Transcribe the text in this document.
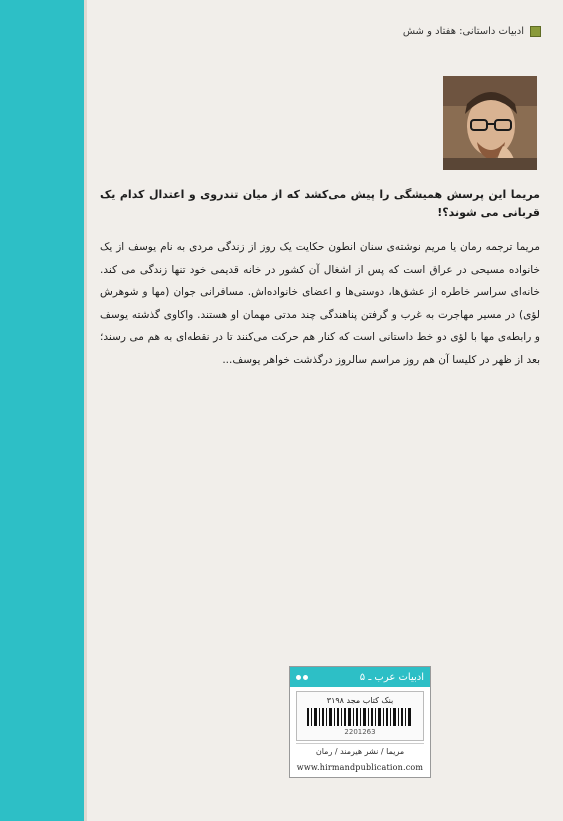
ادبیات داستانی: هفتاد و شش
مریما این پرسش همیشگی را پیش می‌کشد که از میان تندروی و اعتدال کدام یک قربانی می شوند؟!
مریما ترجمه رمان یا مریم نوشته‌ی سنان انطون حکایت یک روز از زندگی مردی به نام یوسف از یک خانواده مسیحی در عراق است که پس از اشغال آن کشور در خانه قدیمی خود تنها زندگی می کند. خانه‌ای سراسر خاطره از عشق‌ها، دوستی‌ها و اعضای خانواده‌اش. مسافرانی جوان (مها و شوهرش لؤی) در مسیر مهاجرت به غرب و گرفتن پناهندگی چند مدتی مهمان او هستند. واکاوی گذشته یوسف و رابطه‌ی مها با لؤی دو خط داستانی است که کنار هم حرکت می‌کنند تا در نقطه‌ای به هم می رسند؛ بعد از ظهر در کلیسا آن هم روز مراسم سالروز درگذشت خواهر یوسف...
ادبیات عرب ـ ۵
بنک کتاب مجد ۳۱۹۸
2201263
مریما / نشر هیرمند / رمان
www.hirmandpublication.com
